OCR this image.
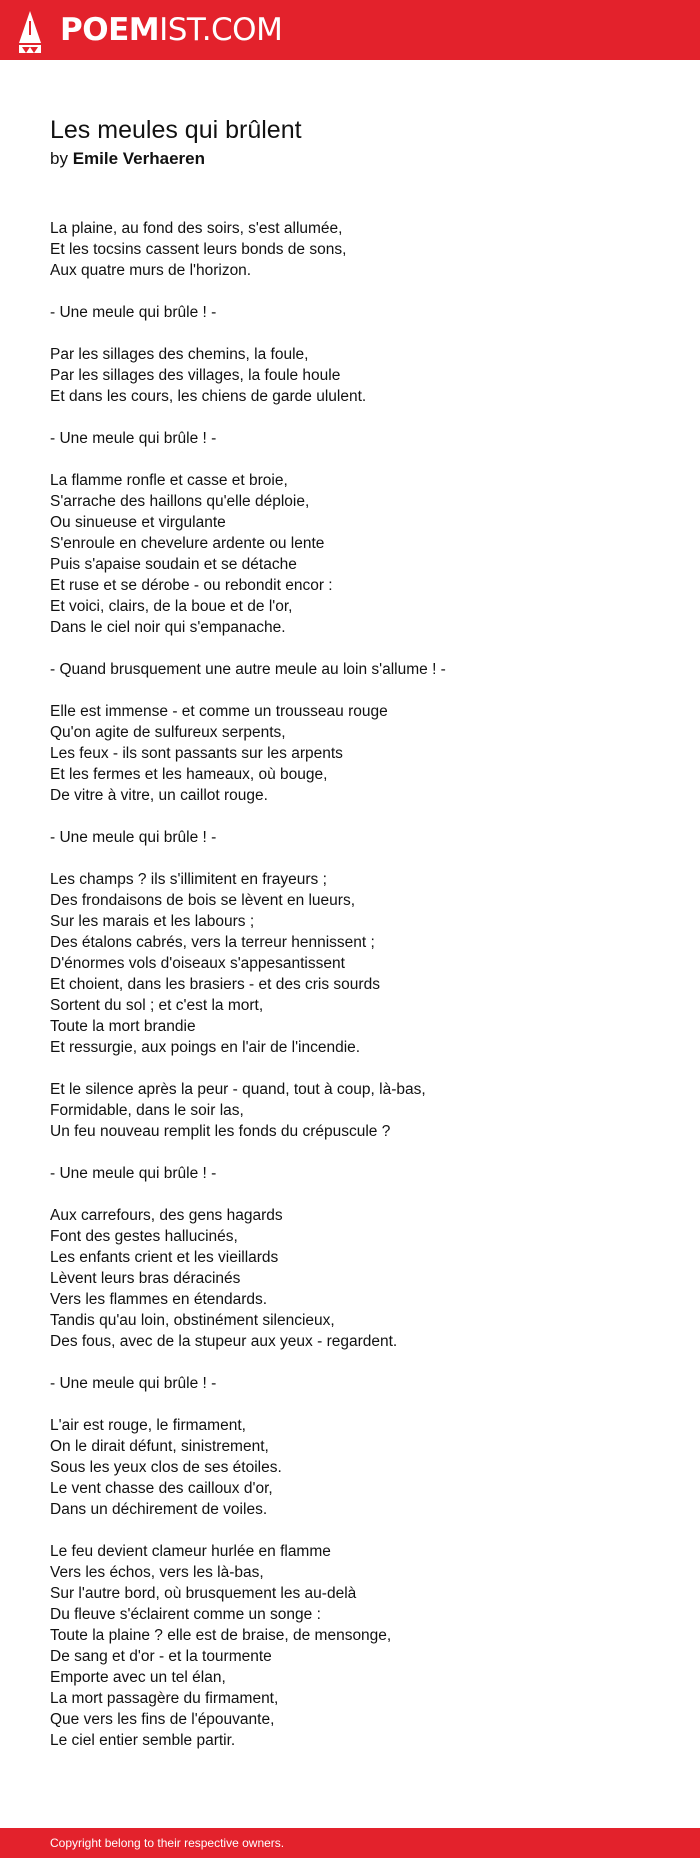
POEMIST.COM
Les meules qui brûlent
by Emile Verhaeren
La plaine, au fond des soirs, s'est allumée,
Et les tocsins cassent leurs bonds de sons,
Aux quatre murs de l'horizon.
- Une meule qui brûle ! -
Par les sillages des chemins, la foule,
Par les sillages des villages, la foule houle
Et dans les cours, les chiens de garde ululent.
- Une meule qui brûle ! -
La flamme ronfle et casse et broie,
S'arrache des haillons qu'elle déploie,
Ou sinueuse et virgulante
S'enroule en chevelure ardente ou lente
Puis s'apaise soudain et se détache
Et ruse et se dérobe - ou rebondit encor :
Et voici, clairs, de la boue et de l'or,
Dans le ciel noir qui s'empanache.
- Quand brusquement une autre meule au loin s'allume ! -
Elle est immense - et comme un trousseau rouge
Qu'on agite de sulfureux serpents,
Les feux - ils sont passants sur les arpents
Et les fermes et les hameaux, où bouge,
De vitre à vitre, un caillot rouge.
- Une meule qui brûle ! -
Les champs ? ils s'illimitent en frayeurs ;
Des frondaisons de bois se lèvent en lueurs,
Sur les marais et les labours ;
Des étalons cabrés, vers la terreur hennissent ;
D'énormes vols d'oiseaux s'appesantissent
Et choient, dans les brasiers - et des cris sourds
Sortent du sol ; et c'est la mort,
Toute la mort brandie
Et ressurgie, aux poings en l'air de l'incendie.
Et le silence après la peur - quand, tout à coup, là-bas,
Formidable, dans le soir las,
Un feu nouveau remplit les fonds du crépuscule ?
- Une meule qui brûle ! -
Aux carrefours, des gens hagards
Font des gestes hallucinés,
Les enfants crient et les vieillards
Lèvent leurs bras déracinés
Vers les flammes en étendards.
Tandis qu'au loin, obstinément silencieux,
Des fous, avec de la stupeur aux yeux - regardent.
- Une meule qui brûle ! -
L'air est rouge, le firmament,
On le dirait défunt, sinistrement,
Sous les yeux clos de ses étoiles.
Le vent chasse des cailloux d'or,
Dans un déchirement de voiles.
Le feu devient clameur hurlée en flamme
Vers les échos, vers les là-bas,
Sur l'autre bord, où brusquement les au-delà
Du fleuve s'éclairent comme un songe :
Toute la plaine ? elle est de braise, de mensonge,
De sang et d'or - et la tourmente
Emporte avec un tel élan,
La mort passagère du firmament,
Que vers les fins de l'épouvante,
Le ciel entier semble partir.
Copyright belong to their respective owners.
